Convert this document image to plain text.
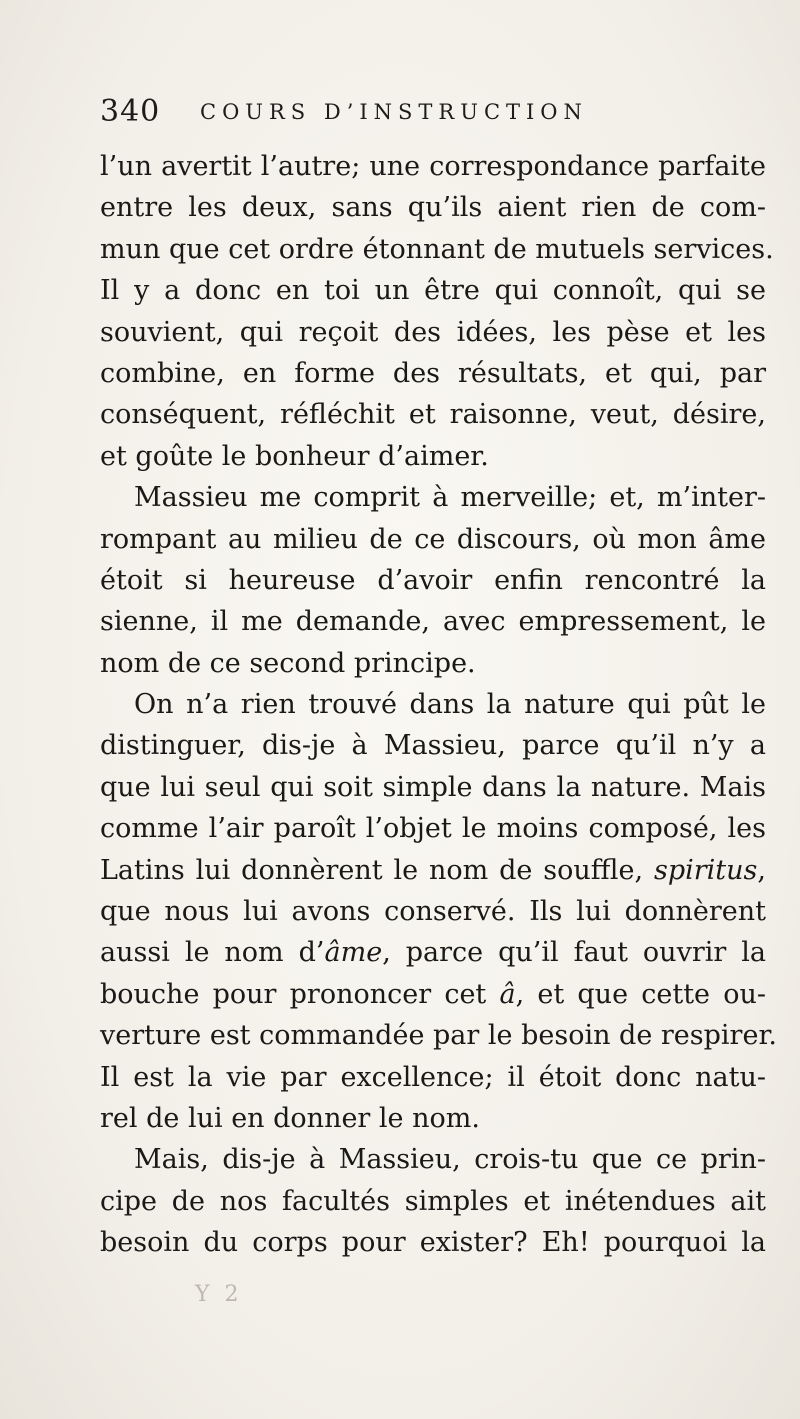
340 COURS D’INSTRUCTION
l’un avertit l’autre; une correspondance parfaite
entre les deux, sans qu’ils aient rien de com-
mun que cet ordre étonnant de mutuels services.
Il y a donc en toi un être qui connoît, qui se
souvient, qui reçoit des idées, les pèse et les
combine, en forme des résultats, et qui, par
conséquent, réfléchit et raisonne, veut, désire,
et goûte le bonheur d’aimer.
Massieu me comprit à merveille; et, m’inter-
rompant au milieu de ce discours, où mon âme
étoit si heureuse d’avoir enfin rencontré la
sienne, il me demande, avec empressement, le
nom de ce second principe.
On n’a rien trouvé dans la nature qui pût le
distinguer, dis-je à Massieu, parce qu’il n’y a
que lui seul qui soit simple dans la nature. Mais
comme l’air paroît l’objet le moins composé, les
Latins lui donnèrent le nom de souffle, spiritus,
que nous lui avons conservé. Ils lui donnèrent
aussi le nom d’âme, parce qu’il faut ouvrir la
bouche pour prononcer cet â, et que cette ou-
verture est commandée par le besoin de respirer.
Il est la vie par excellence; il étoit donc natu-
rel de lui en donner le nom.
Mais, dis-je à Massieu, crois-tu que ce prin-
cipe de nos facultés simples et inétendues ait
besoin du corps pour exister? Eh! pourquoi la
Y 2
